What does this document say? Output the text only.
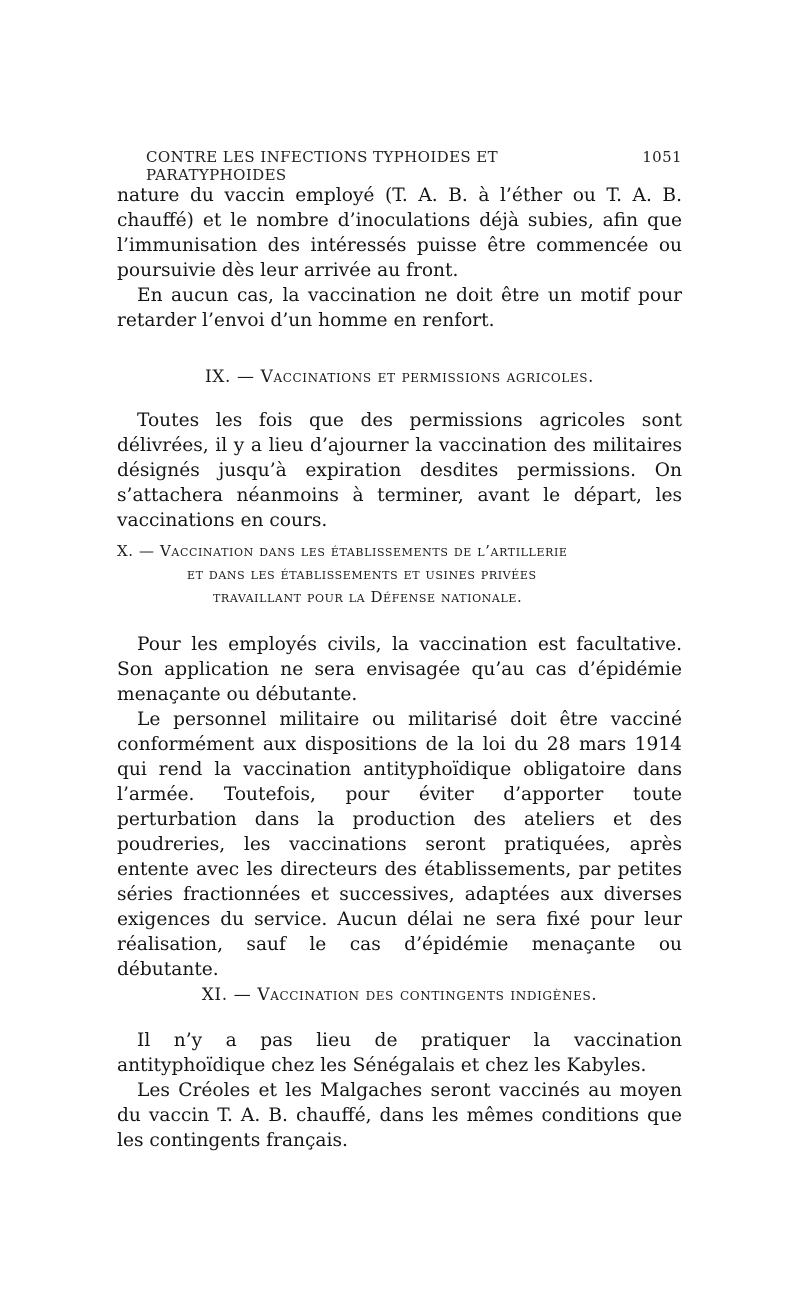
CONTRE LES INFECTIONS TYPHOIDES ET PARATYPHOIDES
1051

nature du vaccin employé (T. A. B. à l’éther ou T. A. B. chauffé) et le nombre d’inoculations déjà subies, afin que l’immunisation des intéressés puisse être commencée ou poursuivie dès leur arrivée au front.

En aucun cas, la vaccination ne doit être un motif pour retarder l’envoi d’un homme en renfort.

IX. — Vaccinations et permissions agricoles.

Toutes les fois que des permissions agricoles sont délivrées, il y a lieu d’ajourner la vaccination des militaires désignés jusqu’à expiration desdites permissions. On s’attachera néanmoins à terminer, avant le départ, les vaccinations en cours.

X. — Vaccination dans les établissements de l’artillerie
et dans les établissements et usines privées
travaillant pour la Défense nationale.

Pour les employés civils, la vaccination est facultative. Son application ne sera envisagée qu’au cas d’épidémie menaçante ou débutante.

Le personnel militaire ou militarisé doit être vacciné conformément aux dispositions de la loi du 28 mars 1914 qui rend la vaccination antityphoïdique obligatoire dans l’armée. Toutefois, pour éviter d’apporter toute perturbation dans la production des ateliers et des poudreries, les vaccinations seront pratiquées, après entente avec les directeurs des établissements, par petites séries fractionnées et successives, adaptées aux diverses exigences du service. Aucun délai ne sera fixé pour leur réalisation, sauf le cas d’épidémie menaçante ou débutante.

XI. — Vaccination des contingents indigènes.

Il n’y a pas lieu de pratiquer la vaccination antityphoïdique chez les Sénégalais et chez les Kabyles.

Les Créoles et les Malgaches seront vaccinés au moyen du vaccin T. A. B. chauffé, dans les mêmes conditions que les contingents français.
